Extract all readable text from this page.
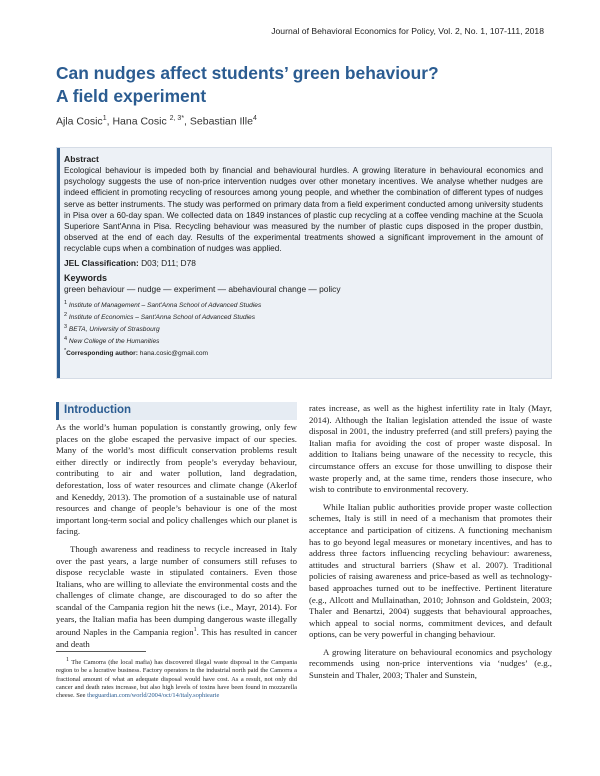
Journal of Behavioral Economics for Policy, Vol. 2, No. 1, 107-111, 2018
Can nudges affect students’ green behaviour?
A field experiment
Ajla Cosic$^1$, Hana Cosic $^{2, 3*}$, Sebastian Ille$^4$
Abstract
Ecological behaviour is impeded both by financial and behavioural hurdles. A growing literature in behavioural economics and psychology suggests the use of non-price intervention nudges over other monetary incentives. We analyse whether nudges are indeed efficient in promoting recycling of resources among young people, and whether the combination of different types of nudges serve as better instruments. The study was performed on primary data from a field experiment conducted among university students in Pisa over a 60-day span. We collected data on 1849 instances of plastic cup recycling at a coffee vending machine at the Scuola Superiore Sant'Anna in Pisa. Recycling behaviour was measured by the number of plastic cups disposed in the proper dustbin, observed at the end of each day. Results of the experimental treatments showed a significant improvement in the amount of recyclable cups when a combination of nudges was applied.
JEL Classification: D03; D11; D78
Keywords
green behaviour — nudge — experiment — abehavioural change — policy
$^1$ Institute of Management – Sant'Anna School of Advanced Studies
$^2$ Institute of Economics – Sant'Anna School of Advanced Studies
$^3$ BETA, University of Strasbourg
$^4$ New College of the Humanities
*Corresponding author: hana.cosic@gmail.com
Introduction

As the world’s human population is constantly growing, only few places on the globe escaped the pervasive impact of our species. Many of the world’s most difficult conservation problems result either directly or indirectly from people’s everyday behaviour, contributing to air and water pollution, land degradation, deforestation, loss of water resources and climate change (Akerlof and Keneddy, 2013). The promotion of a sustainable use of natural resources and change of people’s behaviour is one of the most important long-term social and policy challenges which our planet is facing.

Though awareness and readiness to recycle increased in Italy over the past years, a large number of consumers still refuses to dispose recyclable waste in stipulated containers. Even those Italians, who are willing to alleviate the environmental costs and the challenges of climate change, are discouraged to do so after the scandal of the Campania region hit the news (i.e., Mayr, 2014). For years, the Italian mafia has been dumping dangerous waste illegally around Naples in the Campania region$^1$. This has resulted in cancer and death

rates increase, as well as the highest infertility rate in Italy (Mayr, 2014). Although the Italian legislation attended the issue of waste disposal in 2001, the industry preferred (and still prefers) paying the Italian mafia for avoiding the cost of proper waste disposal. In addition to Italians being unaware of the necessity to recycle, this circumstance offers an excuse for those unwilling to dispose their waste properly and, at the same time, renders those insecure, who wish to contribute to environmental recovery.

While Italian public authorities provide proper waste collection schemes, Italy is still in need of a mechanism that promotes their acceptance and participation of citizens. A functioning mechanism has to go beyond legal measures or monetary incentives, and has to address three factors influencing recycling behaviour: awareness, attitudes and structural barriers (Shaw et al. 2007). Traditional policies of raising awareness and price-based as well as technology-based approaches turned out to be ineffective. Pertinent literature (e.g., Allcott and Mullainathan, 2010; Johnson and Goldstein, 2003; Thaler and Benartzi, 2004) suggests that behavioural approaches, which appeal to social norms, commitment devices, and default options, can be very powerful in changing behaviour.

A growing literature on behavioural economics and psychology recommends using non-price interventions via ‘nudges’ (e.g., Sunstein and Thaler, 2003; Thaler and Sunstein,

$^1$ The Camorra (the local mafia) has discovered illegal waste disposal in the Campania region to be a lucrative business. Factory operators in the industrial north paid the Camorra a fractional amount of what an adequate disposal would have cost. As a result, not only did cancer and death rates increase, but also high levels of toxins have been found in mozzarella cheese. See theguardian.com/world/2004/oct/14/italy.sophiearie
